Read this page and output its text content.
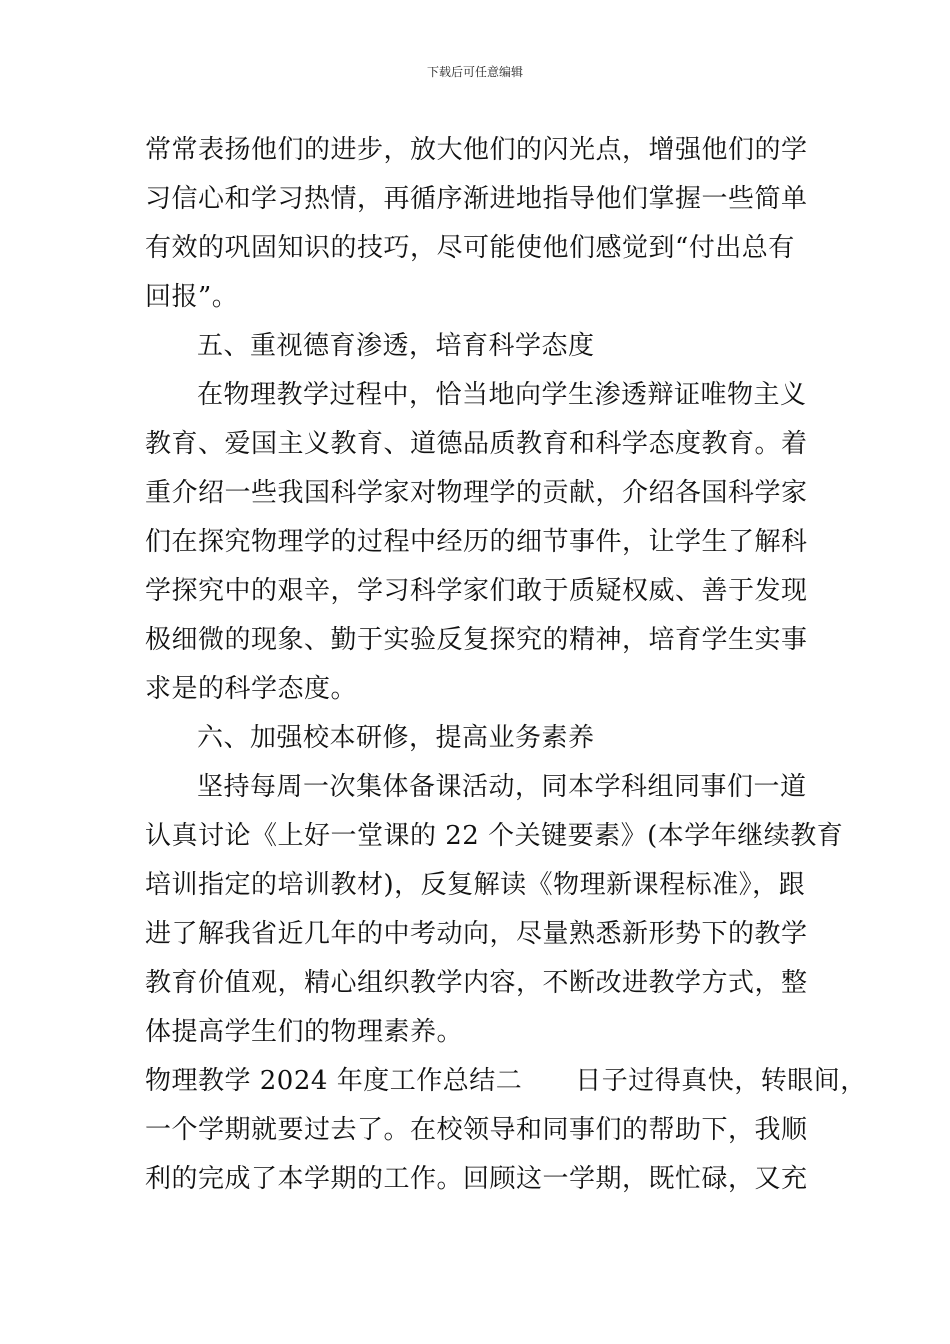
下载后可任意编辑
常常表扬他们的进步，放大他们的闪光点，增强他们的学
习信心和学习热情，再循序渐进地指导他们掌握一些简单
有效的巩固知识的技巧，尽可能使他们感觉到“付出总有
回报”。
五、重视德育渗透，培育科学态度
在物理教学过程中，恰当地向学生渗透辩证唯物主义
教育、爱国主义教育、道德品质教育和科学态度教育。着
重介绍一些我国科学家对物理学的贡献，介绍各国科学家
们在探究物理学的过程中经历的细节事件，让学生了解科
学探究中的艰辛，学习科学家们敢于质疑权威、善于发现
极细微的现象、勤于实验反复探究的精神，培育学生实事
求是的科学态度。
六、加强校本研修，提高业务素养
坚持每周一次集体备课活动，同本学科组同事们一道
认真讨论《上好一堂课的 22 个关键要素》(本学年继续教育
培训指定的培训教材)，反复解读《物理新课程标准》，跟
进了解我省近几年的中考动向，尽量熟悉新形势下的教学
教育价值观，精心组织教学内容，不断改进教学方式，整
体提高学生们的物理素养。
物理教学 2024 年度工作总结二　　日子过得真快，转眼间，
一个学期就要过去了。在校领导和同事们的帮助下，我顺
利的完成了本学期的工作。回顾这一学期，既忙碌，又充
